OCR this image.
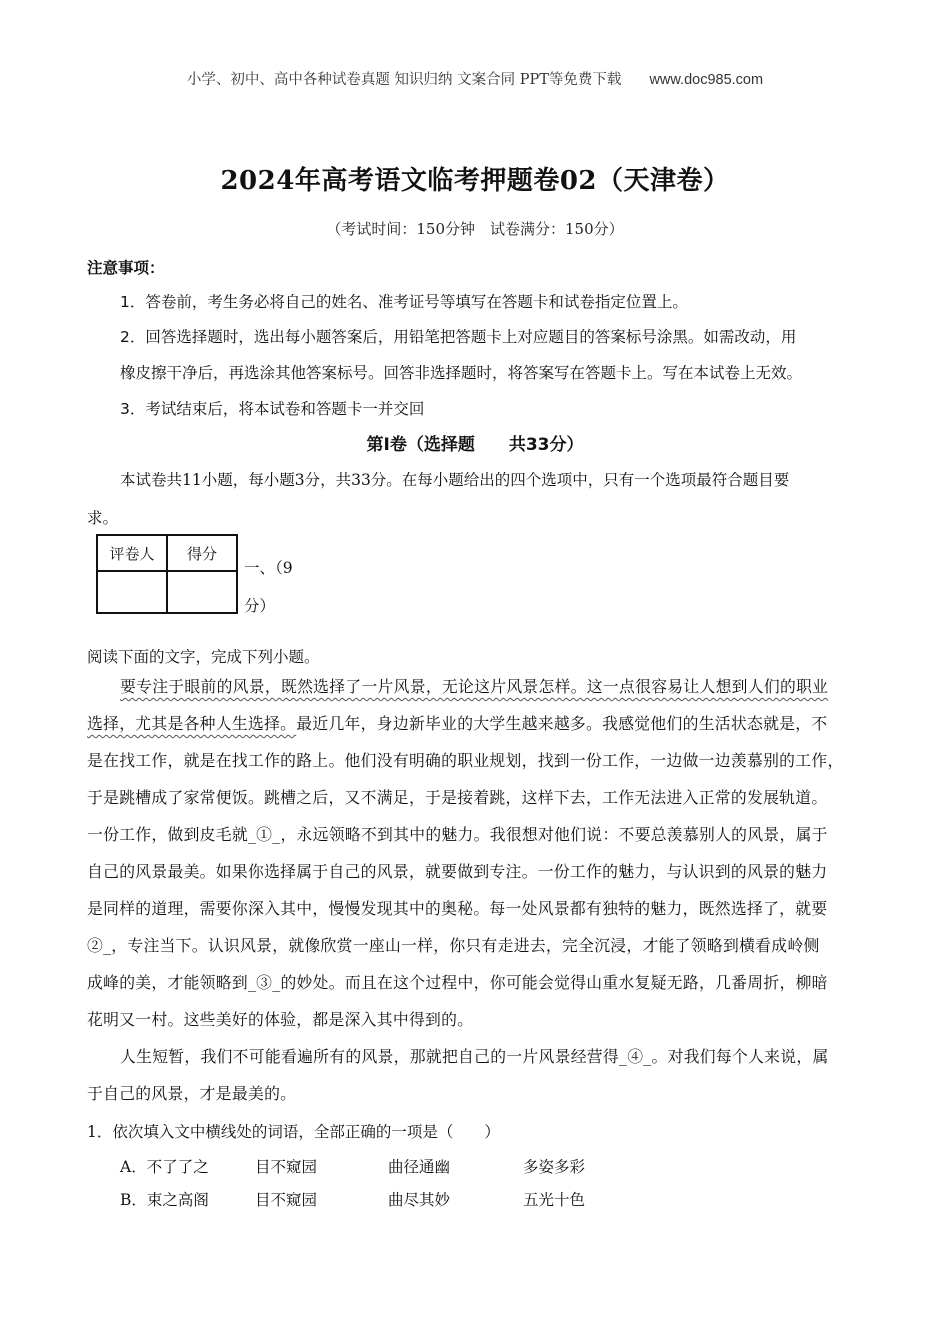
小学、初中、高中各种试卷真题 知识归纳 文案合同 PPT等免费下载 www.doc985.com
2024年高考语文临考押题卷02（天津卷）
（考试时间：150分钟　试卷满分：150分）
注意事项：
1．答卷前，考生务必将自己的姓名、准考证号等填写在答题卡和试卷指定位置上。
2．回答选择题时，选出每小题答案后，用铅笔把答题卡上对应题目的答案标号涂黑。如需改动，用
橡皮擦干净后，再选涂其他答案标号。回答非选择题时，将答案写在答题卡上。写在本试卷上无效。
3．考试结束后，将本试卷和答题卡一并交回
第Ⅰ卷（选择题　　共33分）
本试卷共11小题，每小题3分，共33分。在每小题给出的四个选项中，只有一个选项最符合题目要
求。
评卷人	得分

一、（9
分）
阅读下面的文字，完成下列小题。
要专注于眼前的风景，既然选择了一片风景，无论这片风景怎样。这一点很容易让人想到人们的职业
选择，尤其是各种人生选择。最近几年，身边新毕业的大学生越来越多。我感觉他们的生活状态就是，不
是在找工作，就是在找工作的路上。他们没有明确的职业规划，找到一份工作，一边做一边羡慕别的工作，
于是跳槽成了家常便饭。跳槽之后，又不满足，于是接着跳，这样下去，工作无法进入正常的发展轨道。
一份工作，做到皮毛就_①_，永远领略不到其中的魅力。我很想对他们说：不要总羡慕别人的风景，属于
自己的风景最美。如果你选择属于自己的风景，就要做到专注。一份工作的魅力，与认识到的风景的魅力
是同样的道理，需要你深入其中，慢慢发现其中的奥秘。每一处风景都有独特的魅力，既然选择了，就要
②_，专注当下。认识风景，就像欣赏一座山一样，你只有走进去，完全沉浸，才能了领略到横看成岭侧
成峰的美，才能领略到_③_的妙处。而且在这个过程中，你可能会觉得山重水复疑无路，几番周折，柳暗
花明又一村。这些美好的体验，都是深入其中得到的。
人生短暂，我们不可能看遍所有的风景，那就把自己的一片风景经营得_④_。对我们每个人来说，属
于自己的风景，才是最美的。
1．依次填入文中横线处的词语，全部正确的一项是（　　）
A．不了了之	目不窥园	曲径通幽	多姿多彩
B．束之高阁	目不窥园	曲尽其妙	五光十色
